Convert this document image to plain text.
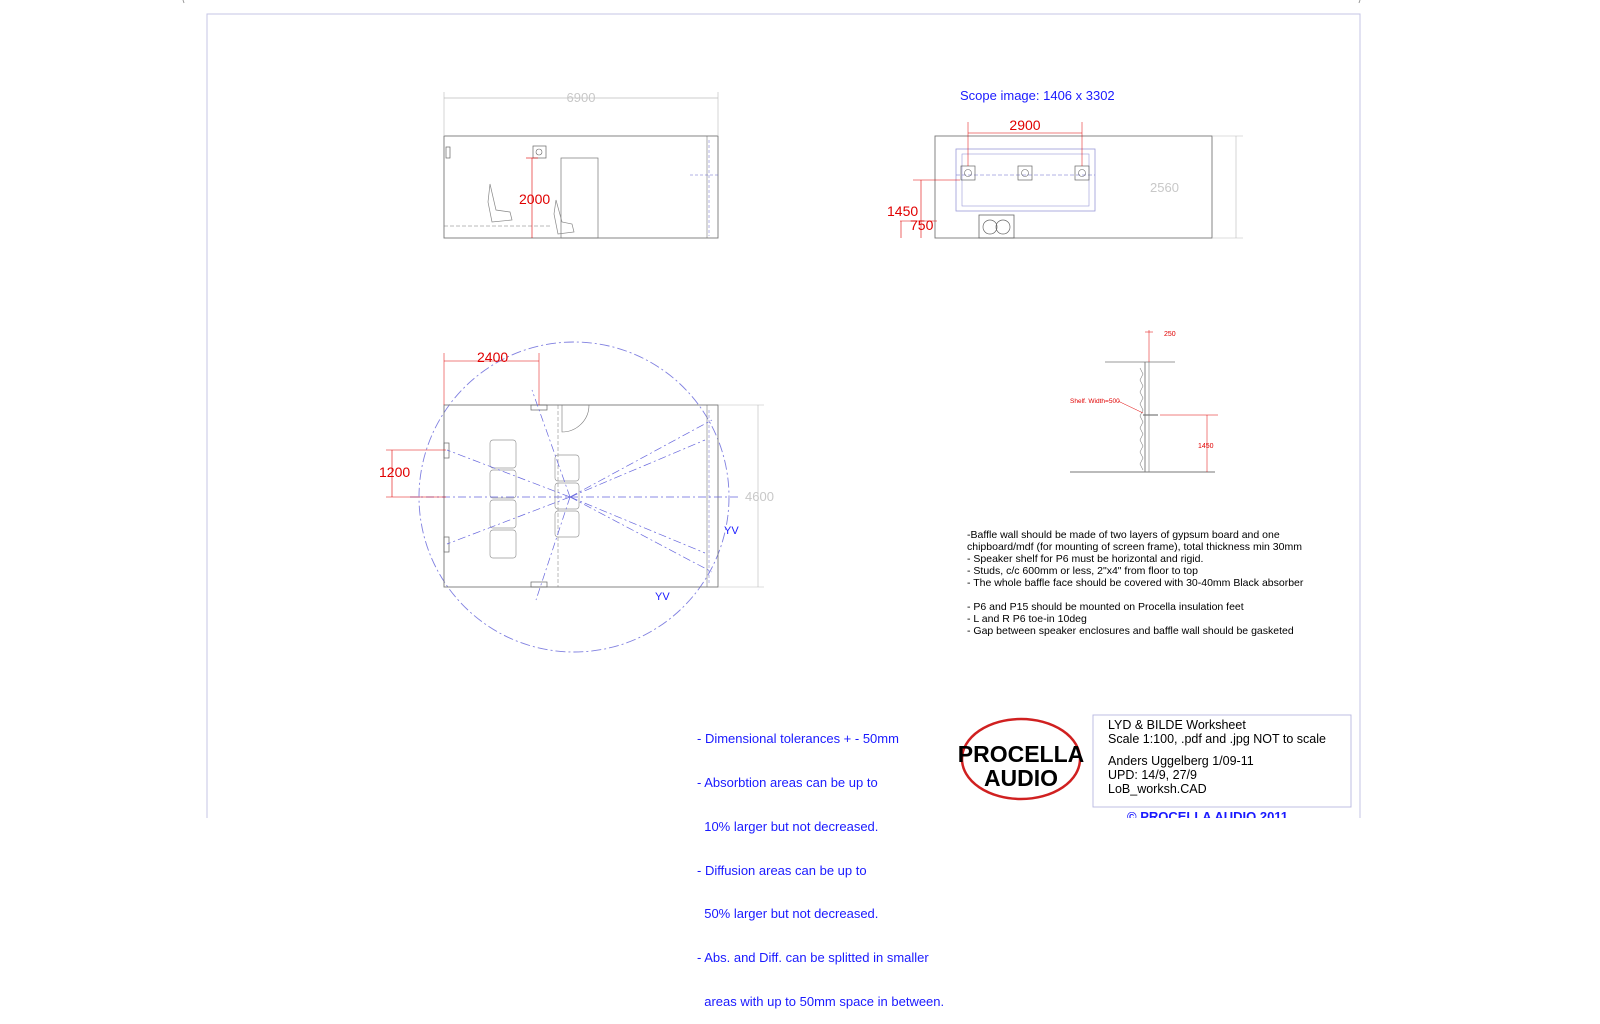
6900
2000
Scope image: 1406 x 3302
2900
1450
750
2560
2400
1200
4600
YV
YV
250
Shelf. Width=500
1450
PROCELLA
AUDIO
© PROCELLA AUDIO 2011
-Baffle wall should be made of two layers of gypsum board and one
chipboard/mdf (for mounting of screen frame), total thickness min 30mm
- Speaker shelf for P6 must be horizontal and rigid.
- Studs, c/c 600mm or less, 2"x4" from floor to top
- The whole baffle face should be covered with 30-40mm Black absorber
- P6 and P15 should be mounted on Procella insulation feet
- L and R P6 toe-in 10deg
- Gap between speaker enclosures and baffle wall should be gasketed

- Dimensional tolerances + - 50mm

- Absorbtion areas can be up to

10% larger but not decreased.

- Diffusion areas can be up to

50% larger but not decreased.

- Abs. and Diff. can be splitted in smaller

areas with up to 50mm space in between.

LYD & BILDE Worksheet
Scale 1:100, .pdf and .jpg NOT to scale
Anders Uggelberg 1/09-11
UPD: 14/9, 27/9
LoB_worksh.CAD
